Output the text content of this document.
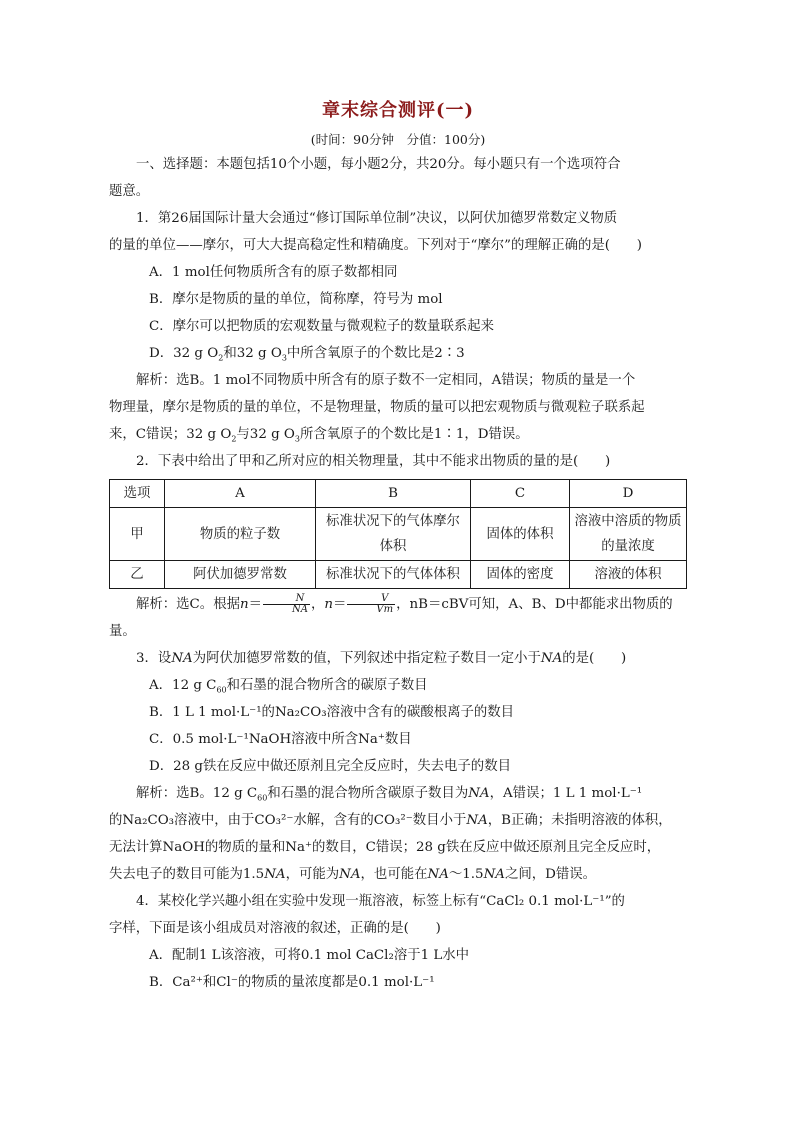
章末综合测评(一)
(时间：90分钟　分值：100分)

一、选择题：本题包括10个小题，每小题2分，共20分。每小题只有一个选项符合

题意。

1．第26届国际计量大会通过“修订国际单位制”决议，以阿伏加德罗常数定义物质

的量的单位——摩尔，可大大提高稳定性和精确度。下列对于“摩尔”的理解正确的是(　　)

A．1 mol任何物质所含有的原子数都相同

B．摩尔是物质的量的单位，简称摩，符号为 mol

C．摩尔可以把物质的宏观数量与微观粒子的数量联系起来

D．32 g $O_2$和32 g $O_3$中所含氧原子的个数比是2∶3

解析：选B。1 mol不同物质中所含有的原子数不一定相同，A错误；物质的量是一个

物理量，摩尔是物质的量的单位，不是物理量，物质的量可以把宏观物质与微观粒子联系起

来，C错误；32 g $O_2$与32 g $O_3$所含氧原子的个数比是1∶1，D错误。

2．下表中给出了甲和乙所对应的相关物理量，其中不能求出物质的量的是(　　)

选项	A	B	C	D
甲	物质的粒子数	标准状况下的气体摩尔体积	固体的体积	溶液中溶质的物质的量浓度
乙	阿伏加德罗常数	标准状况下的气体体积	固体的密度	溶液的体积

解析：选C。根据$n= \frac{N}{NA}$ ，$n= \frac{V}{Vm}$ ，nB＝cBV可知，A、B、D中都能求出物质的量。

3．设NA为阿伏加德罗常数的值，下列叙述中指定粒子数目一定小于NA的是(　　)

A．12 g $C_{60}$和石墨的混合物所含的碳原子数目

B．1 L 1 mol·L⁻¹的Na₂CO₃溶液中含有的碳酸根离子的数目

C．0.5 mol·L⁻¹NaOH溶液中所含Na⁺数目

D．28 g铁在反应中做还原剂且完全反应时，失去电子的数目

解析：选B。12 g $C_{60}$和石墨的混合物所含碳原子数目为NA，A错误；1 L 1 mol·L⁻¹

的Na₂CO₃溶液中，由于CO₃²⁻水解，含有的CO₃²⁻数目小于NA，B正确；未指明溶液的体积，

无法计算NaOH的物质的量和Na⁺的数目，C错误；28 g铁在反应中做还原剂且完全反应时，

失去电子的数目可能为1.5NA，可能为NA，也可能在NA～1.5NA之间，D错误。

4．某校化学兴趣小组在实验中发现一瓶溶液，标签上标有“CaCl₂ 0.1 mol·L⁻¹”的

字样，下面是该小组成员对溶液的叙述，正确的是(　　)

A．配制1 L该溶液，可将0.1 mol CaCl₂溶于1 L水中

B．Ca²⁺和Cl⁻的物质的量浓度都是0.1 mol·L⁻¹
